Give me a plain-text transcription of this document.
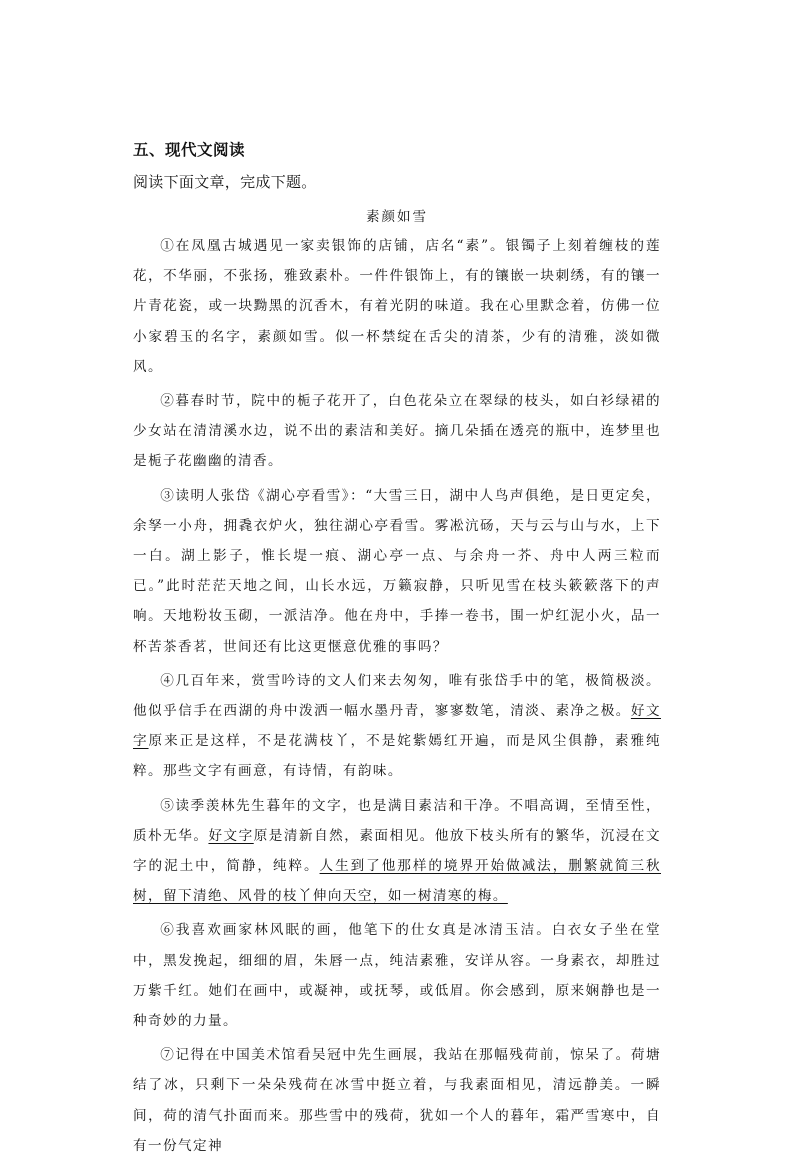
五、现代文阅读

阅读下面文章，完成下题。

素颜如雪

①在凤凰古城遇见一家卖银饰的店铺，店名“素”。银镯子上刻着缠枝的莲花，不华丽，不张扬，雅致素朴。一件件银饰上，有的镶嵌一块刺绣，有的镶一片青花瓷，或一块黝黑的沉香木，有着光阴的味道。我在心里默念着，仿佛一位小家碧玉的名字，素颜如雪。似一杯禁绽在舌尖的清茶，少有的清雅，淡如微风。

②暮春时节，院中的栀子花开了，白色花朵立在翠绿的枝头，如白衫绿裙的少女站在清清溪水边，说不出的素洁和美好。摘几朵插在透亮的瓶中，连梦里也是栀子花幽幽的清香。

③读明人张岱《湖心亭看雪》：“大雪三日，湖中人鸟声俱绝，是日更定矣，余孥一小舟，拥毳衣炉火，独往湖心亭看雪。雾凇沆砀，天与云与山与水，上下一白。湖上影子，惟长堤一痕、湖心亭一点、与余舟一芥、舟中人两三粒而已。”此时茫茫天地之间，山长水远，万籁寂静，只听见雪在枝头簌簌落下的声响。天地粉妆玉砌，一派洁净。他在舟中，手捧一卷书，围一炉红泥小火，品一杯苦茶香茗，世间还有比这更惬意优雅的事吗？

④几百年来，赏雪吟诗的文人们来去匆匆，唯有张岱手中的笔，极简极淡。他似乎信手在西湖的舟中泼洒一幅水墨丹青，寥寥数笔，清淡、素净之极。好文字原来正是这样，不是花满枝丫，不是姹紫嫣红开遍，而是风尘俱静，素雅纯粹。那些文字有画意，有诗情，有韵味。

⑤读季羡林先生暮年的文字，也是满目素洁和干净。不唱高调，至情至性，质朴无华。好文字原是清新自然，素面相见。他放下枝头所有的繁华，沉浸在文字的泥土中，简静，纯粹。人生到了他那样的境界开始做减法，删繁就简三秋树，留下清绝、风骨的枝丫伸向天空，如一树清寒的梅。

⑥我喜欢画家林风眠的画，他笔下的仕女真是冰清玉洁。白衣女子坐在堂中，黑发挽起，细细的眉，朱唇一点，纯洁素雅，安详从容。一身素衣，却胜过万紫千红。她们在画中，或凝神，或抚琴，或低眉。你会感到，原来娴静也是一种奇妙的力量。

⑦记得在中国美术馆看吴冠中先生画展，我站在那幅残荷前，惊呆了。荷塘结了冰，只剩下一朵朵残荷在冰雪中挺立着，与我素面相见，清远静美。一瞬间，荷的清气扑面而来。那些雪中的残荷，犹如一个人的暮年，霜严雪寒中，自有一份气定神
